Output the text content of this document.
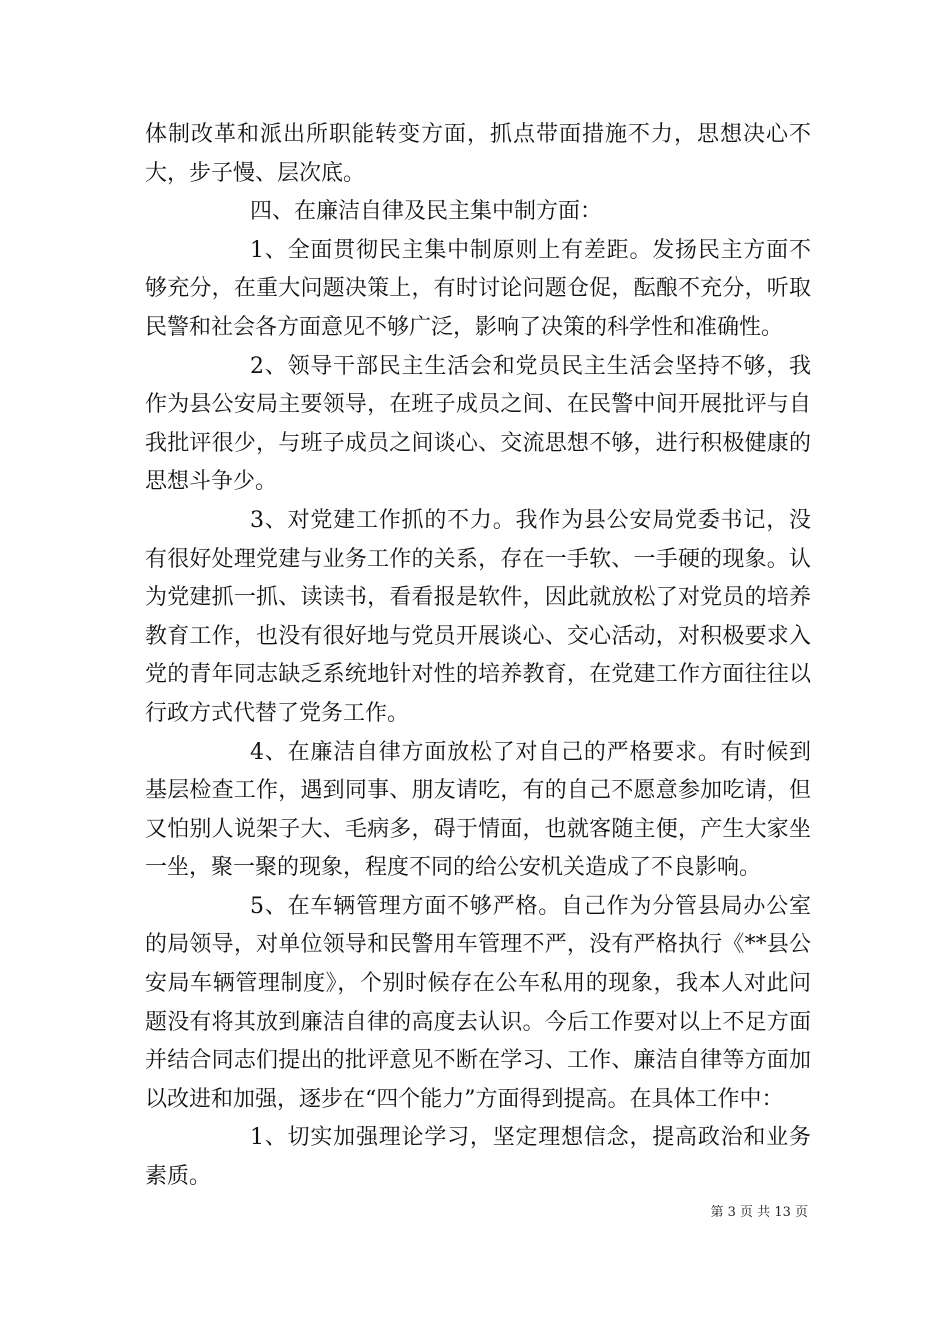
体制改革和派出所职能转变方面，抓点带面措施不力，思想决心不大，步子慢、层次底。

四、在廉洁自律及民主集中制方面：

1、全面贯彻民主集中制原则上有差距。发扬民主方面不够充分，在重大问题决策上，有时讨论问题仓促，酝酿不充分，听取民警和社会各方面意见不够广泛，影响了决策的科学性和准确性。

2、领导干部民主生活会和党员民主生活会坚持不够，我作为县公安局主要领导，在班子成员之间、在民警中间开展批评与自我批评很少，与班子成员之间谈心、交流思想不够，进行积极健康的思想斗争少。

3、对党建工作抓的不力。我作为县公安局党委书记，没有很好处理党建与业务工作的关系，存在一手软、一手硬的现象。认为党建抓一抓、读读书，看看报是软件，因此就放松了对党员的培养教育工作，也没有很好地与党员开展谈心、交心活动，对积极要求入党的青年同志缺乏系统地针对性的培养教育，在党建工作方面往往以行政方式代替了党务工作。

4、在廉洁自律方面放松了对自己的严格要求。有时候到基层检查工作，遇到同事、朋友请吃，有的自己不愿意参加吃请，但又怕别人说架子大、毛病多，碍于情面，也就客随主便，产生大家坐一坐，聚一聚的现象，程度不同的给公安机关造成了不良影响。

5、在车辆管理方面不够严格。自己作为分管县局办公室的局领导，对单位领导和民警用车管理不严，没有严格执行《**县公安局车辆管理制度》，个别时候存在公车私用的现象，我本人对此问题没有将其放到廉洁自律的高度去认识。今后工作要对以上不足方面并结合同志们提出的批评意见不断在学习、工作、廉洁自律等方面加以改进和加强，逐步在“四个能力”方面得到提高。在具体工作中：

1、切实加强理论学习，坚定理想信念，提高政治和业务素质。

第 3 页 共 13 页
